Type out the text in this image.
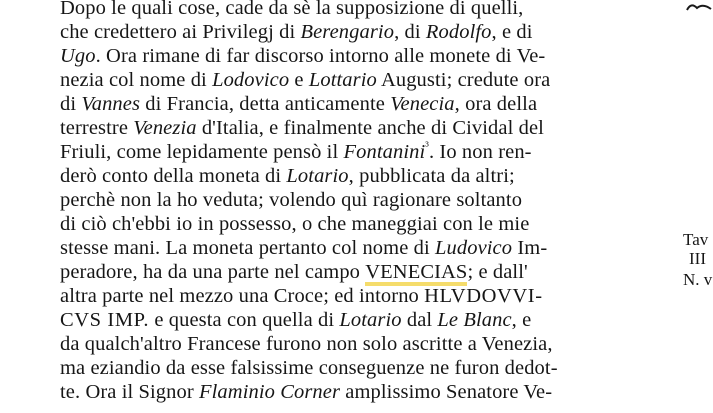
Dopo le quali cose, cade da sè la supposizione di quelli,
che credettero ai Privilegj di Berengario, di Rodolfo, e di
Ugo. Ora rimane di far discorso intorno alle monete di Ve-
nezia col nome di Lodovico e Lottario Augusti; credute ora
di Vannes di Francia, detta anticamente Venecia, ora della
terrestre Venezia d'Italia, e finalmente anche di Cividal del
Friuli, come lepidamente pensò il Fontanini$^{^3}$. Io non ren-
derò conto della moneta di Lotario, pubblicata da altri;
perchè non la ho veduta; volendo quì ragionare soltanto
di ciò ch'ebbi io in possesso, o che maneggiai con le mie
stesse mani. La moneta pertanto col nome di Ludovico Im-
peradore, ha da una parte nel campo
VENECIAS; e dall'
altra parte nel mezzo una Croce; ed intorno HLVDOVVI-
CVS IMP. e questa con quella di Lotario dal Le Blanc, e
da qualch'altro Francese furono non solo ascritte a Venezia,
ma eziandio da esse falsissime conseguenze ne furon dedot-
te. Ora il Signor Flaminio Corner amplissimo Senatore Ve-
Tav
III
N. v
